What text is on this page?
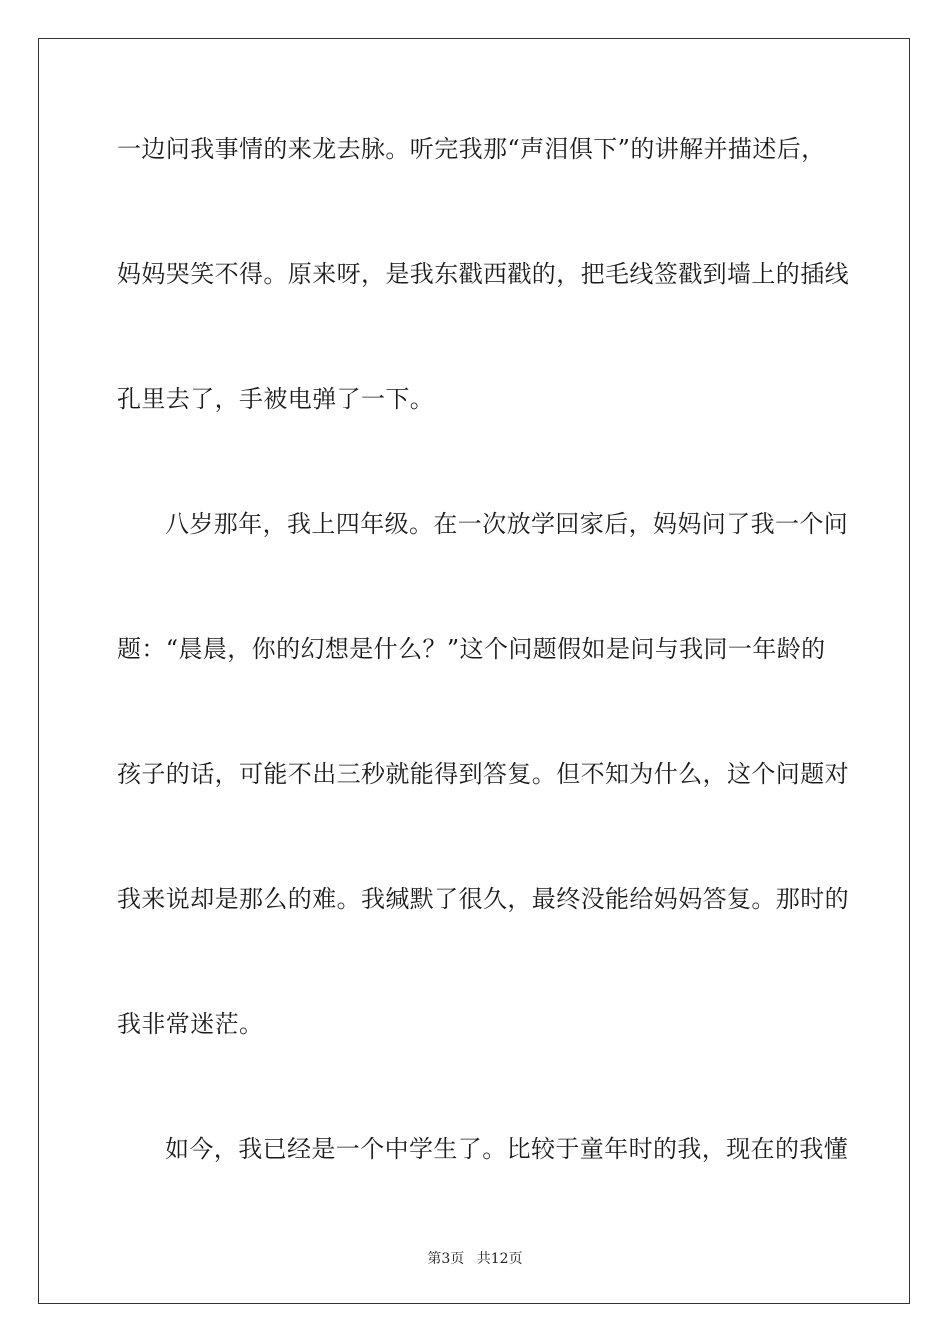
一边问我事情的来龙去脉。听完我那“声泪俱下”的讲解并描述后，
妈妈哭笑不得。原来呀，是我东戳西戳的，把毛线签戳到墙上的插线
孔里去了，手被电弹了一下。
八岁那年，我上四年级。在一次放学回家后，妈妈问了我一个问
题：“晨晨，你的幻想是什么？”这个问题假如是问与我同一年龄的
孩子的话，可能不出三秒就能得到答复。但不知为什么，这个问题对
我来说却是那么的难。我缄默了很久，最终没能给妈妈答复。那时的
我非常迷茫。
如今，我已经是一个中学生了。比较于童年时的我，现在的我懂
第3页 共12页
